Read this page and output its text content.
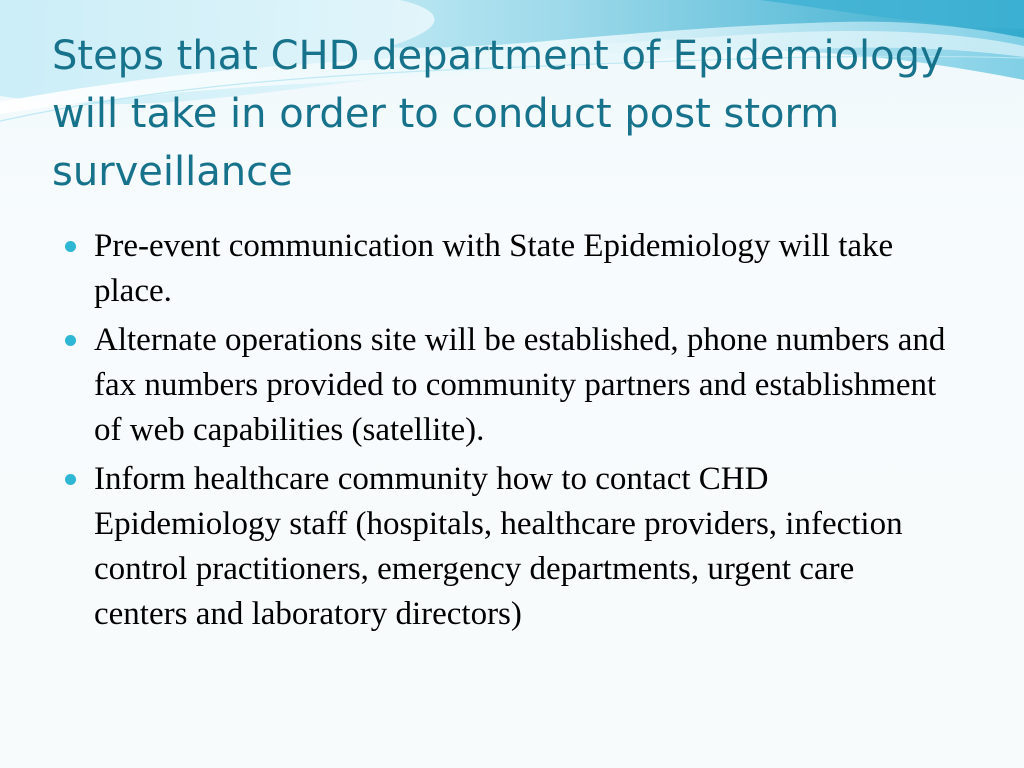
Steps that CHD department of Epidemiology will take in order to conduct post storm surveillance
Pre-event communication with State Epidemiology will take place.
Alternate operations site will be established, phone numbers and fax numbers provided to community partners and establishment of web capabilities (satellite).
Inform healthcare community how to contact CHD Epidemiology staff (hospitals, healthcare providers, infection control practitioners, emergency departments, urgent care centers and laboratory directors)
